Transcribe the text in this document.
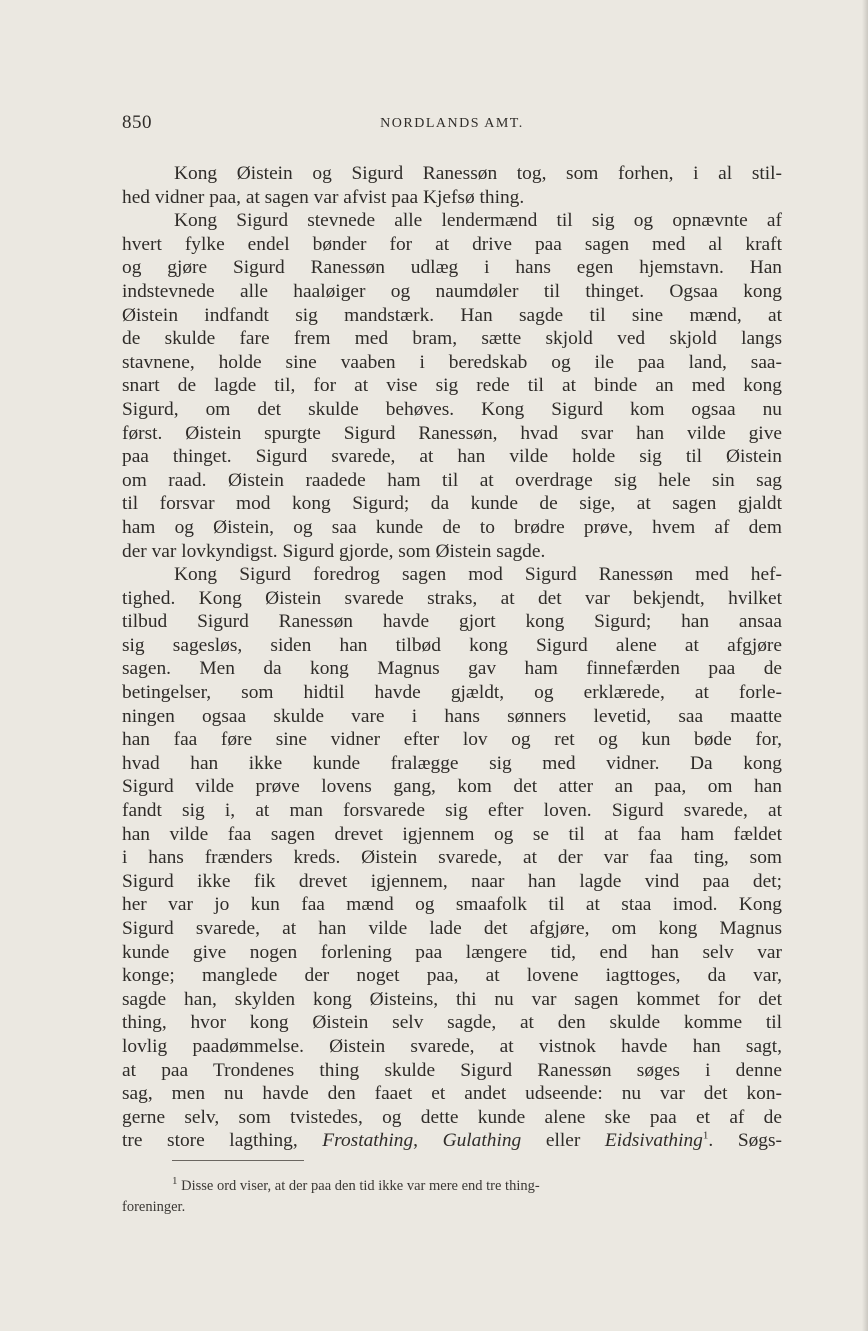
850	NORDLANDS AMT.
Kong Øistein og Sigurd Ranessøn tog, som forhen, i al stil-
hed vidner paa, at sagen var afvist paa Kjefsø thing.
Kong Sigurd stevnede alle lendermænd til sig og opnævnte af
hvert fylke endel bønder for at drive paa sagen med al kraft
og gjøre Sigurd Ranessøn udlæg i hans egen hjemstavn. Han
indstevnede alle haaløiger og naumdøler til thinget. Ogsaa kong
Øistein indfandt sig mandstærk. Han sagde til sine mænd, at
de skulde fare frem med bram, sætte skjold ved skjold langs
stavnene, holde sine vaaben i beredskab og ile paa land, saa-
snart de lagde til, for at vise sig rede til at binde an med kong
Sigurd, om det skulde behøves. Kong Sigurd kom ogsaa nu
først. Øistein spurgte Sigurd Ranessøn, hvad svar han vilde give
paa thinget. Sigurd svarede, at han vilde holde sig til Øistein
om raad. Øistein raadede ham til at overdrage sig hele sin sag
til forsvar mod kong Sigurd; da kunde de sige, at sagen gjaldt
ham og Øistein, og saa kunde de to brødre prøve, hvem af dem
der var lovkyndigst. Sigurd gjorde, som Øistein sagde.
Kong Sigurd foredrog sagen mod Sigurd Ranessøn med hef-
tighed. Kong Øistein svarede straks, at det var bekjendt, hvilket
tilbud Sigurd Ranessøn havde gjort kong Sigurd; han ansaa
sig sagesløs, siden han tilbød kong Sigurd alene at afgjøre
sagen. Men da kong Magnus gav ham finnefærden paa de
betingelser, som hidtil havde gjældt, og erklærede, at forle-
ningen ogsaa skulde vare i hans sønners levetid, saa maatte
han faa føre sine vidner efter lov og ret og kun bøde for,
hvad han ikke kunde fralægge sig med vidner. Da kong
Sigurd vilde prøve lovens gang, kom det atter an paa, om han
fandt sig i, at man forsvarede sig efter loven. Sigurd svarede, at
han vilde faa sagen drevet igjennem og se til at faa ham fældet
i hans frænders kreds. Øistein svarede, at der var faa ting, som
Sigurd ikke fik drevet igjennem, naar han lagde vind paa det;
her var jo kun faa mænd og smaafolk til at staa imod. Kong
Sigurd svarede, at han vilde lade det afgjøre, om kong Magnus
kunde give nogen forlening paa længere tid, end han selv var
konge; manglede der noget paa, at lovene iagttoges, da var,
sagde han, skylden kong Øisteins, thi nu var sagen kommet for det
thing, hvor kong Øistein selv sagde, at den skulde komme til
lovlig paadømmelse. Øistein svarede, at vistnok havde han sagt,
at paa Trondenes thing skulde Sigurd Ranessøn søges i denne
sag, men nu havde den faaet et andet udseende: nu var det kon-
gerne selv, som tvistedes, og dette kunde alene ske paa et af de
tre store lagthing, Frostathing, Gulathing eller Eidsivathing$^1$. Søgs-
$^1$ Disse ord viser, at der paa den tid ikke var mere end tre thing-
foreninger.
